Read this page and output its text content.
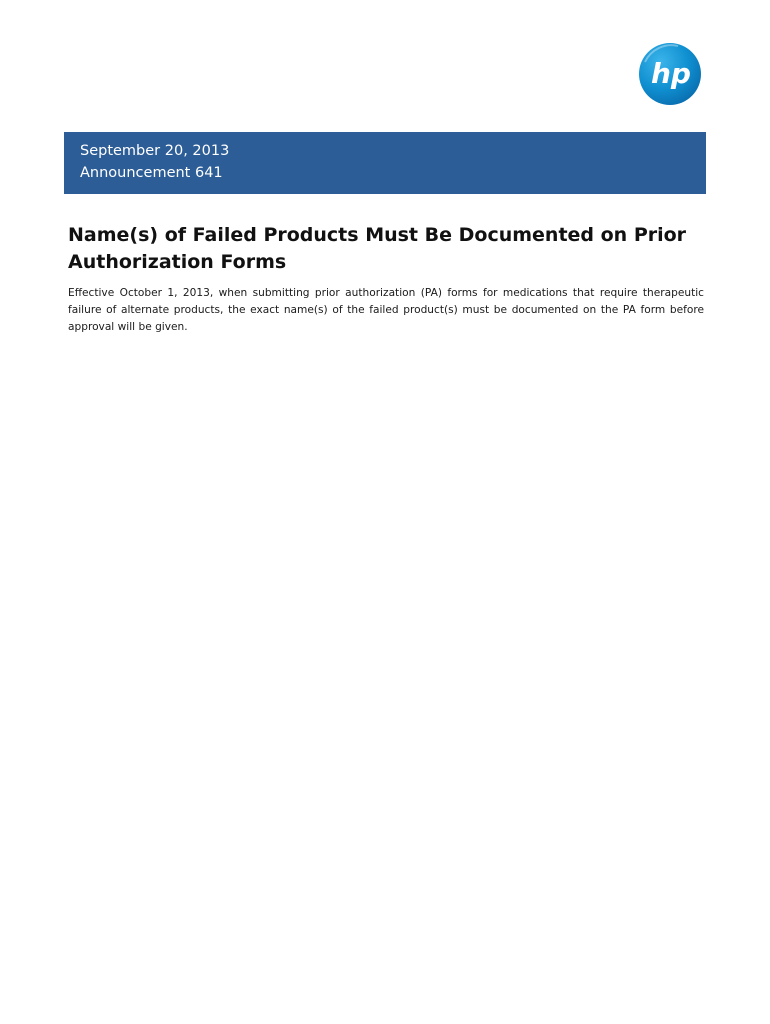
hp
September 20, 2013
Announcement 641
Name(s) of Failed Products Must Be Documented on Prior Authorization Forms

Effective October 1, 2013, when submitting prior authorization (PA) forms for medications that require therapeutic failure of alternate products, the exact name(s) of the failed product(s) must be documented on the PA form before approval will be given.
